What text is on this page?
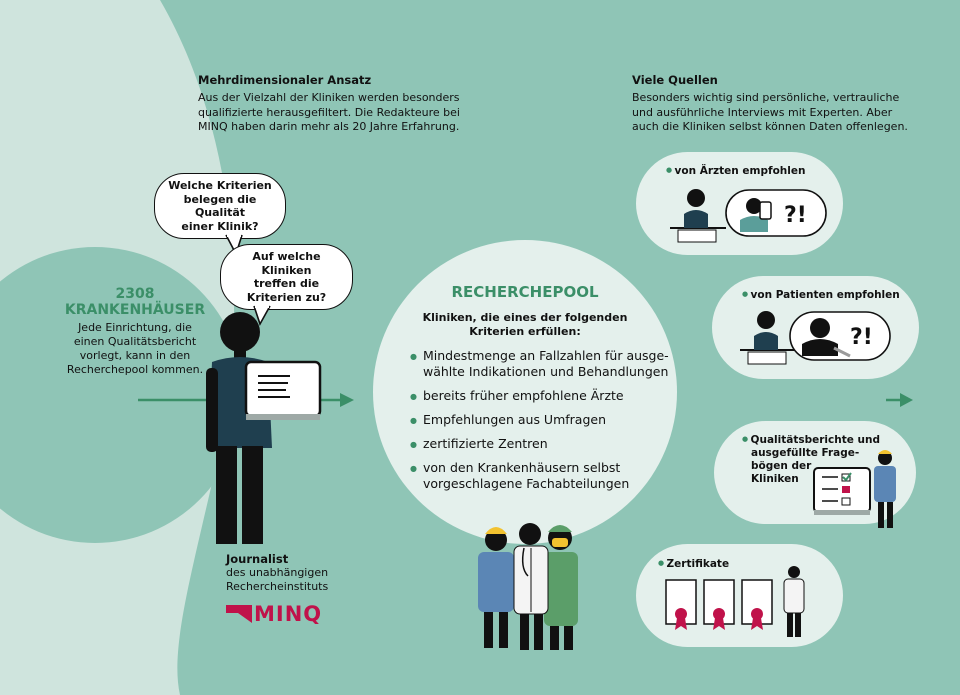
Mehrdimensionaler Ansatz
Aus der Vielzahl der Kliniken werden besonders
qualifizierte herausgefiltert. Die Redakteure bei
MINQ haben darin mehr als 20 Jahre Erfahrung.
Viele Quellen
Besonders wichtig sind persönliche, vertrauliche
und ausführliche Interviews mit Experten. Aber
auch die Kliniken selbst können Daten offenlegen.
Welche Kriterien
belegen die Qualität
einer Klinik?
Auf welche Kliniken
treffen die
Kriterien zu?
2308
KRANKENHÄUSER
Jede Einrichtung, die
einen Qualitätsbericht
vorlegt, kann in den
Recherchepool kommen.
Journalist
des unabhängigen
Rechercheinstituts
MINQ
RECHERCHEPOOL
Kliniken, die eines der folgenden
Kriterien erfüllen:
● Mindestmenge an Fallzahlen für ausge-
wählte Indikationen und Behandlungen
● bereits früher empfohlene Ärzte
● Empfehlungen aus Umfragen
● zertifizierte Zentren
● von den Krankenhäusern selbst
vorgeschlagene Fachabteilungen
● von Ärzten empfohlen
?!
● von Patienten empfohlen
?!
● Qualitätsberichte und
ausgefüllte Frage-
bögen der
Kliniken
● Zertifikate
